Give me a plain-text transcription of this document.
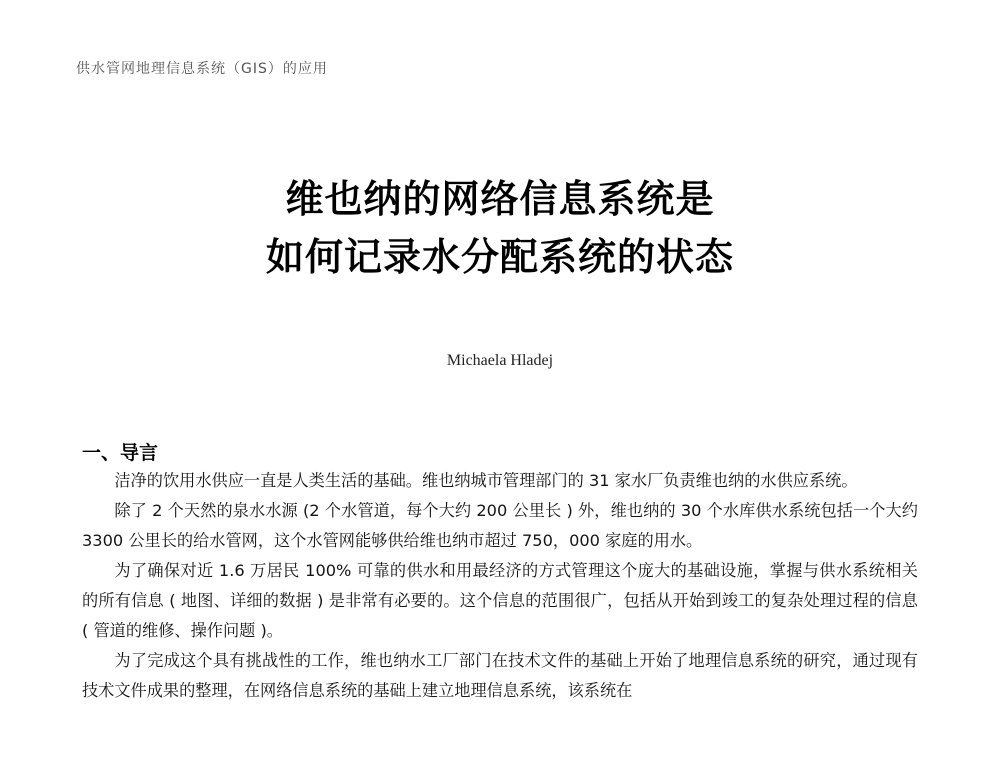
供水管网地理信息系统（GIS）的应用
维也纳的网络信息系统是
如何记录水分配系统的状态
Michaela Hladej
一、导言

洁净的饮用水供应一直是人类生活的基础。维也纳城市管理部门的 31 家水厂负责维也纳的水供应系统。

除了 2 个天然的泉水水源 (2 个水管道，每个大约 200 公里长 ) 外，维也纳的 30 个水库供水系统包括一个大约 3300 公里长的给水管网，这个水管网能够供给维也纳市超过 750，000 家庭的用水。

为了确保对近 1.6 万居民 100% 可靠的供水和用最经济的方式管理这个庞大的基础设施，掌握与供水系统相关的所有信息 ( 地图、详细的数据 ) 是非常有必要的。这个信息的范围很广，包括从开始到竣工的复杂处理过程的信息 ( 管道的维修、操作问题 )。

为了完成这个具有挑战性的工作，维也纳水工厂部门在技术文件的基础上开始了地理信息系统的研究，通过现有技术文件成果的整理，在网络信息系统的基础上建立地理信息系统，该系统在
